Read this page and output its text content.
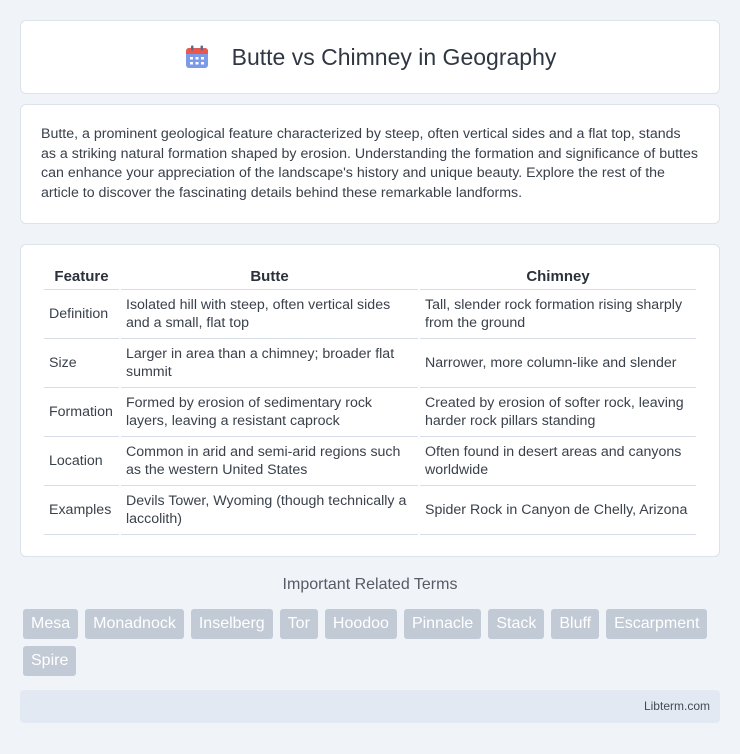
Butte vs Chimney in Geography

Butte, a prominent geological feature characterized by steep, often vertical sides and a flat top, stands as a striking natural formation shaped by erosion. Understanding the formation and significance of buttes can enhance your appreciation of the landscape's history and unique beauty. Explore the rest of the article to discover the fascinating details behind these remarkable landforms.

Feature	Butte	Chimney
Definition	Isolated hill with steep, often vertical sides and a small, flat top	Tall, slender rock formation rising sharply from the ground
Size	Larger in area than a chimney; broader flat summit	Narrower, more column-like and slender
Formation	Formed by erosion of sedimentary rock layers, leaving a resistant caprock	Created by erosion of softer rock, leaving harder rock pillars standing
Location	Common in arid and semi-arid regions such as the western United States	Often found in desert areas and canyons worldwide
Examples	Devils Tower, Wyoming (though technically a laccolith)	Spider Rock in Canyon de Chelly, Arizona
Important Related Terms
Mesa	Monadnock	Inselberg	Tor	Hoodoo	Pinnacle	Stack	Bluff	Escarpment
Spire
Libterm.com
